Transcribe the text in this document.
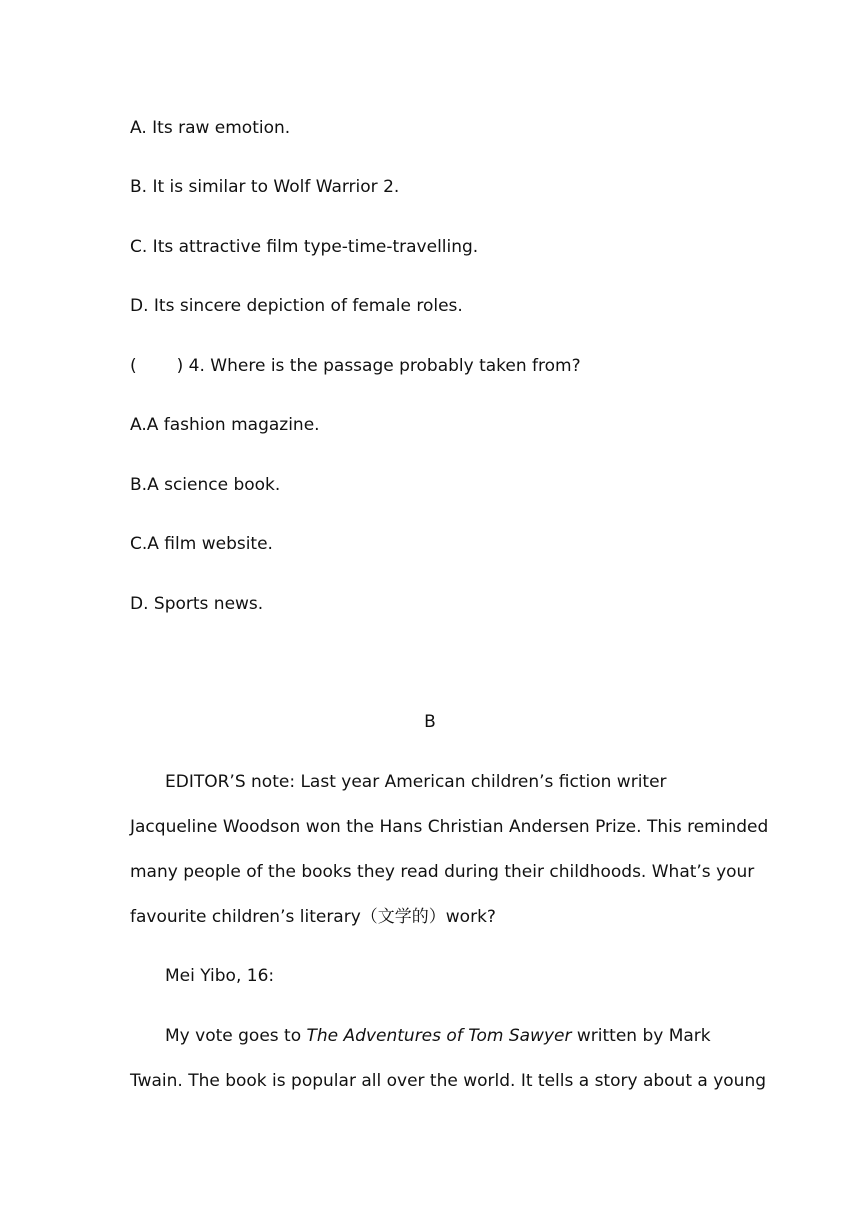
A. Its raw emotion.
B. It is similar to Wolf Warrior 2.
C. Its attractive film type-time-travelling.
D. Its sincere depiction of female roles.
( ) 4. Where is the passage probably taken from?
A.A fashion magazine.
B.A science book.
C.A film website.
D. Sports news.
B
EDITOR’S note: Last year American children’s fiction writer
Jacqueline Woodson won the Hans Christian Andersen Prize. This reminded
many people of the books they read during their childhoods. What’s your
favourite children’s literary（文学的）work?
Mei Yibo, 16:
My vote goes to The Adventures of Tom Sawyer written by Mark
Twain. The book is popular all over the world. It tells a story about a young
